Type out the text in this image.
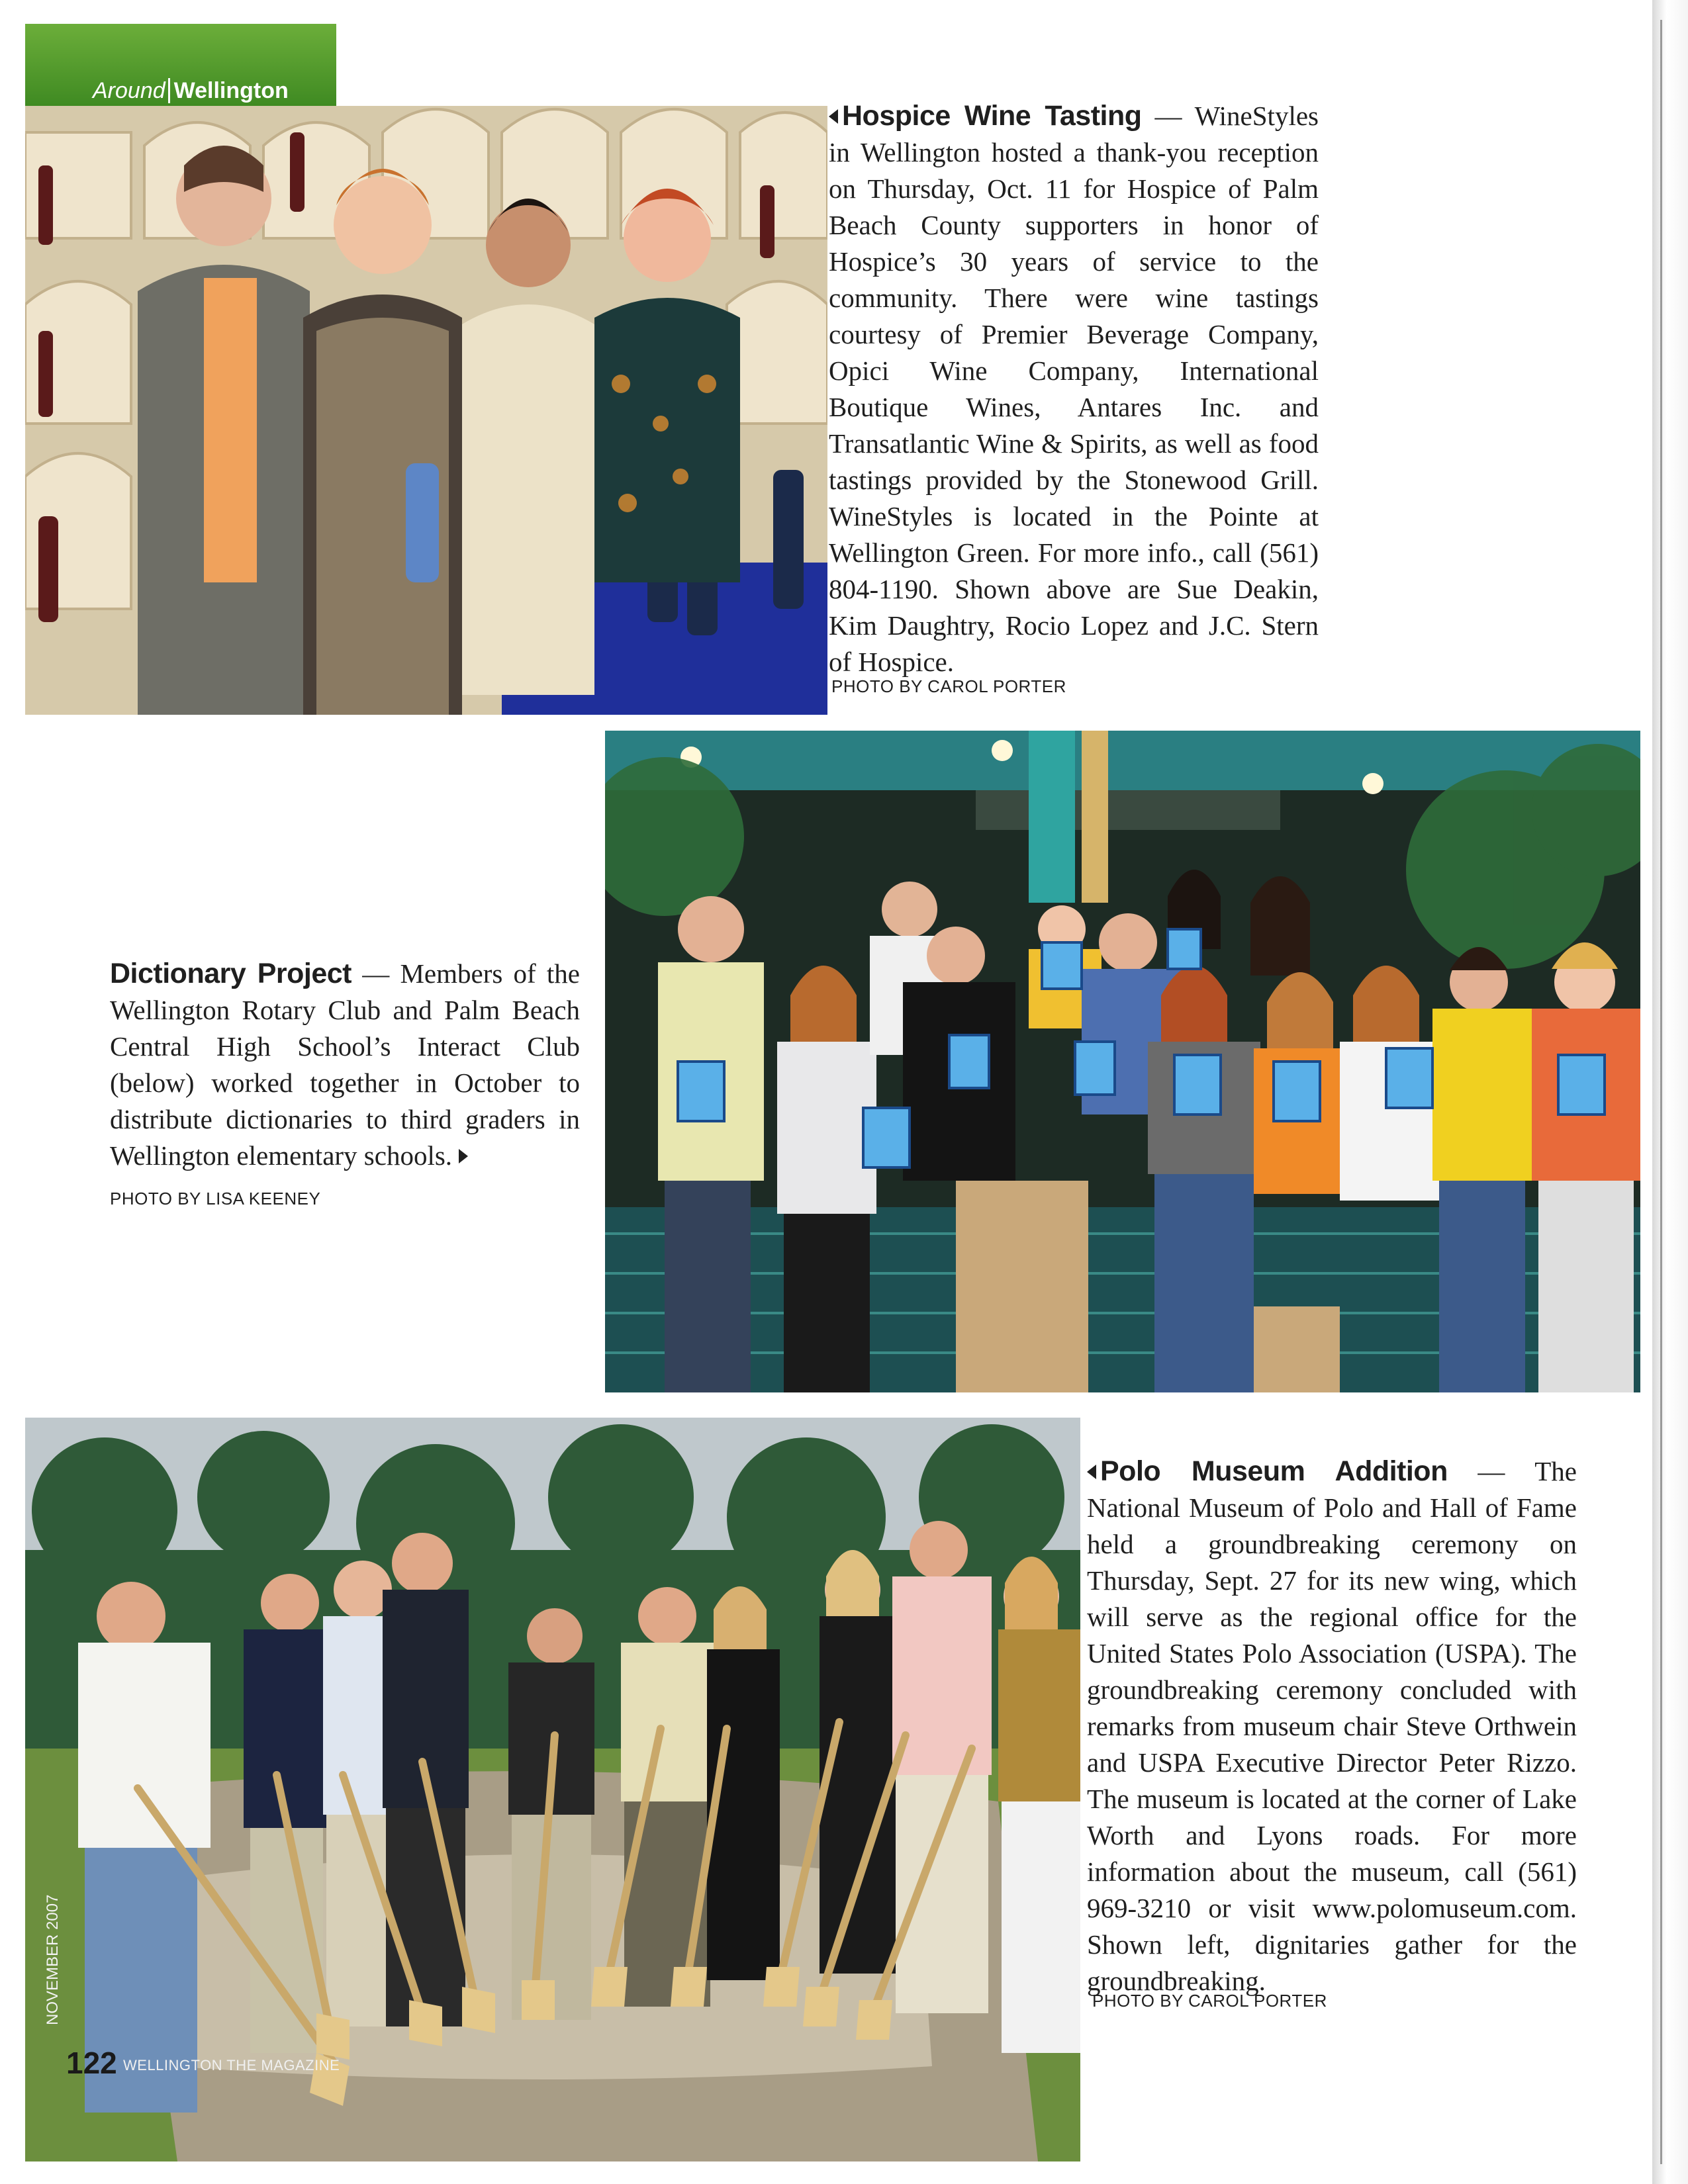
Around Wellington

Hospice Wine Tasting — WineStyles in Wellington hosted a thank-you reception on Thursday, Oct. 11 for Hospice of Palm Beach County supporters in honor of Hospice’s 30 years of service to the community. There were wine tastings courtesy of Premier Beverage Company, Opici Wine Company, International Boutique Wines, Antares Inc. and Transatlantic Wine & Spirits, as well as food tastings provided by the Stonewood Grill. WineStyles is located in the Pointe at Wellington Green. For more info., call (561) 804-1190. Shown above are Sue Deakin, Kim Daughtry, Rocio Lopez and J.C. Stern of Hospice.

PHOTO BY CAROL PORTER

Dictionary Project — Members of the Wellington Rotary Club and Palm Beach Central High School’s Interact Club (below) worked together in October to distribute dictionaries to third graders in Wellington elementary schools.

PHOTO BY LISA KEENEY

Polo Museum Addition — The National Museum of Polo and Hall of Fame held a groundbreaking ceremony on Thursday, Sept. 27 for its new wing, which will serve as the regional office for the United States Polo Association (USPA). The groundbreaking ceremony concluded with remarks from museum chair Steve Orthwein and USPA Executive Director Peter Rizzo. The museum is located at the corner of Lake Worth and Lyons roads. For more information about the museum, call (561) 969-3210 or visit www.polomuseum.com. Shown left, dignitaries gather for the groundbreaking.

PHOTO BY CAROL PORTER
NOVEMBER 2007
122 WELLINGTON THE MAGAZINE
